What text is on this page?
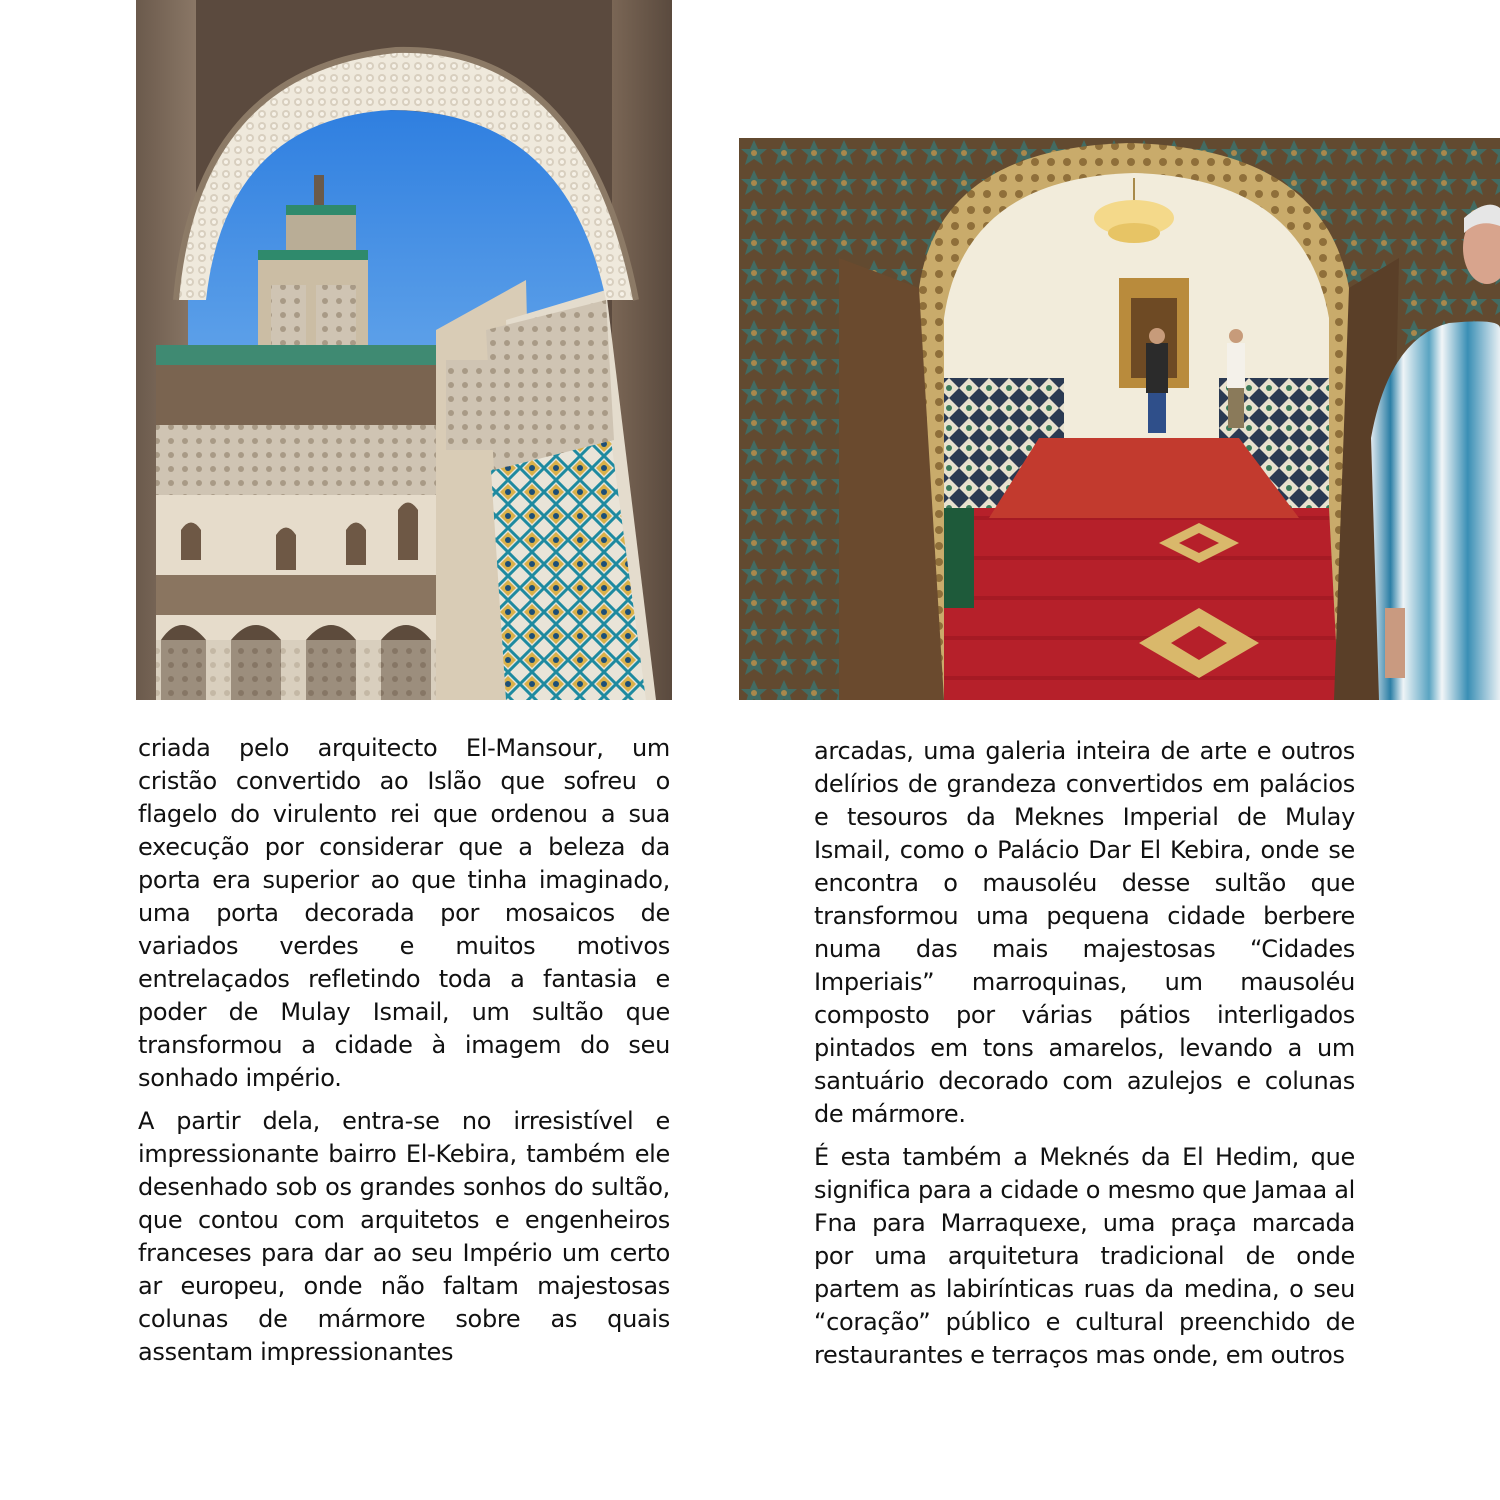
criada pelo arquitecto El-Mansour, um cristão convertido ao Islão que sofreu o flagelo do virulento rei que ordenou a sua execução por considerar que a beleza da porta era superior ao que tinha imaginado, uma porta decorada por mosaicos de variados verdes e muitos motivos entrelaçados refletindo toda a fantasia e poder de Mulay Ismail, um sultão que transformou a cidade à imagem do seu sonhado império.

A partir dela, entra-se no irresistível e impressionante bairro El-Kebira, também ele desenhado sob os grandes sonhos do sultão, que contou com arquitetos e engenheiros franceses para dar ao seu Império um certo ar europeu, onde não faltam majestosas colunas de mármore sobre as quais assentam impressionantes

arcadas, uma galeria inteira de arte e outros delírios de grandeza convertidos em palácios e tesouros da Meknes Imperial de Mulay Ismail, como o Palácio Dar El Kebira, onde se encontra o mausoléu desse sultão que transformou uma pequena cidade berbere numa das mais majestosas “Cidades Imperiais” marroquinas, um mausoléu composto por várias pátios interligados pintados em tons amarelos, levando a um santuário decorado com azulejos e colunas de mármore.

É esta também a Meknés da El Hedim, que significa para a cidade o mesmo que Jamaa al Fna para Marraquexe, uma praça marcada por uma arquitetura tradicional de onde partem as labirínticas ruas da medina, o seu “coração” público e cultural preenchido de restaurantes e terraços mas onde, em outros
